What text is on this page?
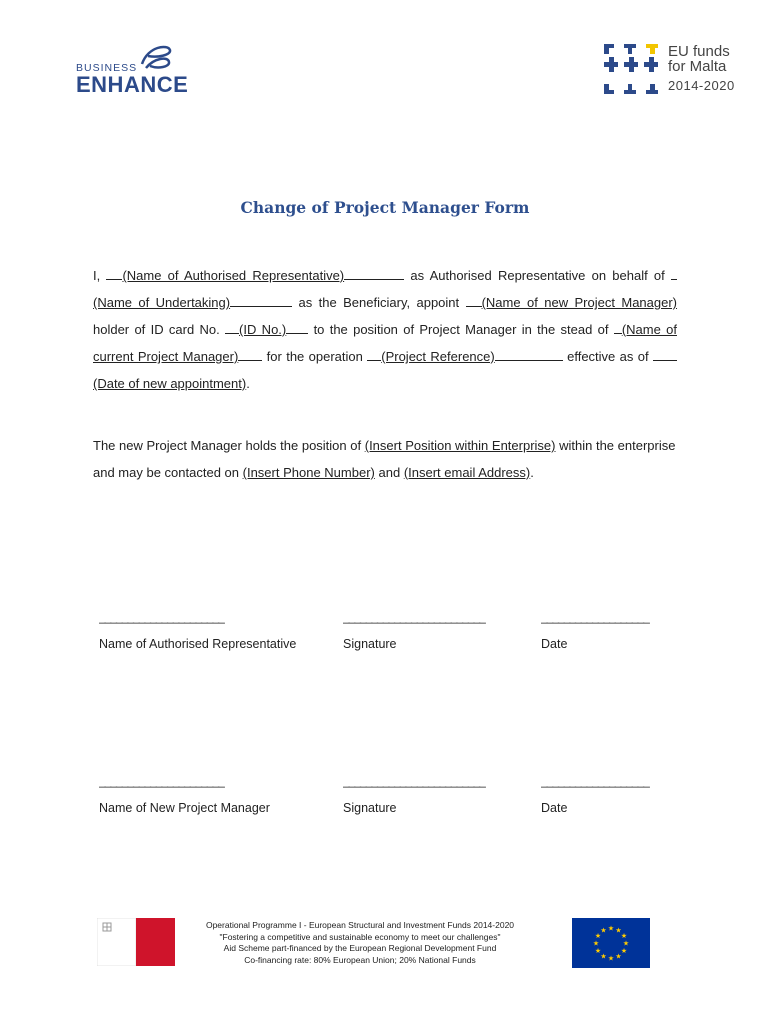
BUSINESS
ENHANCE
EU funds
for Malta
2014-2020
Change of Project Manager Form
I, (Name of Authorised Representative)	as Authorised Representative on behalf of (Name of Undertaking)	as the Beneficiary, appoint (Name of new Project Manager) holder of ID card No. (ID No.) to the position of Project Manager in the stead of (Name of current Project Manager) for the operation (Project Reference)	effective as of (Date of new appointment).
The new Project Manager holds the position of (Insert Position within Enterprise) within the enterprise and may be contacted on (Insert Phone Number) and (Insert email Address).
______________________	_________________________	___________________
Name of Authorised Representative	Signature	Date
______________________	_________________________	___________________
Name of New Project Manager	Signature	Date
Operational Programme I - European Structural and Investment Funds 2014-2020
"Fostering a competitive and sustainable economy to meet our challenges"
Aid Scheme part-financed by the European Regional Development Fund
Co-financing rate: 80% European Union; 20% National Funds
★ ★
★
★
★
★
★
★
★
★
★
★
